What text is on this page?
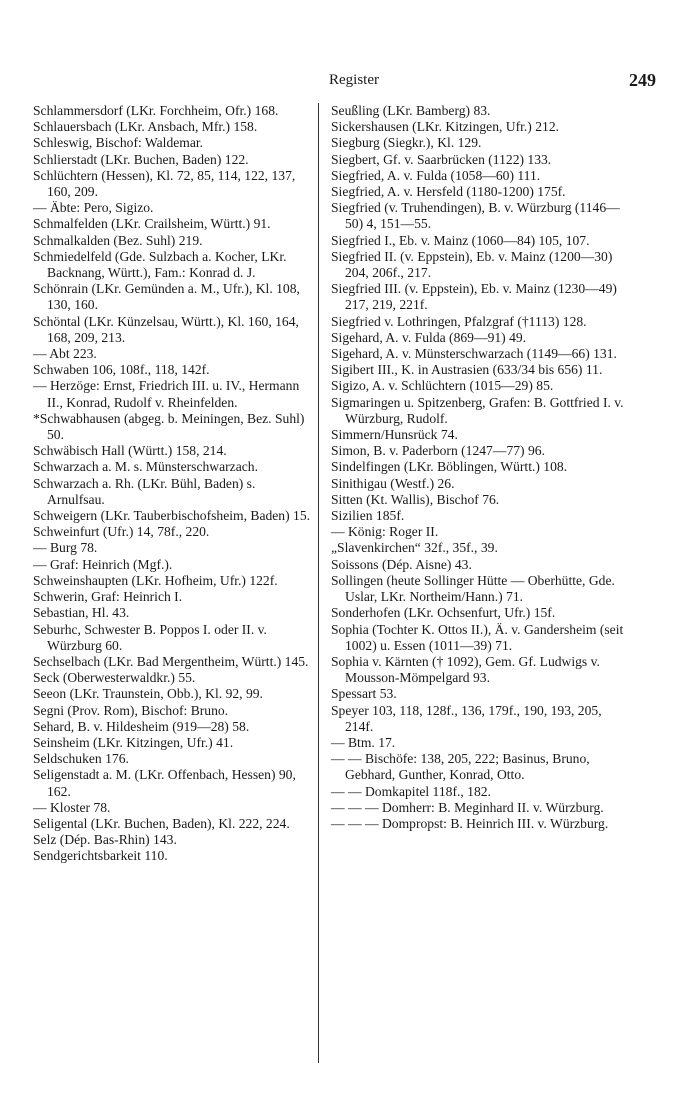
Register	249

Schlammersdorf (LKr. Forchheim, Ofr.) 168.

Schlauersbach (LKr. Ansbach, Mfr.) 158.

Schleswig, Bischof: Waldemar.

Schlierstadt (LKr. Buchen, Baden) 122.

Schlüchtern (Hessen), Kl. 72, 85, 114, 122, 137, 160, 209.

— Äbte: Pero, Sigizo.

Schmalfelden (LKr. Crailsheim, Württ.) 91.

Schmalkalden (Bez. Suhl) 219.

Schmiedelfeld (Gde. Sulzbach a. Kocher, LKr. Backnang, Württ.), Fam.: Konrad d. J.

Schönrain (LKr. Gemünden a. M., Ufr.), Kl. 108, 130, 160.

Schöntal (LKr. Künzelsau, Württ.), Kl. 160, 164, 168, 209, 213.

— Abt 223.

Schwaben 106, 108f., 118, 142f.

— Herzöge: Ernst, Friedrich III. u. IV., Hermann II., Konrad, Rudolf v. Rheinfelden.

*Schwabhausen (abgeg. b. Meiningen, Bez. Suhl) 50.

Schwäbisch Hall (Württ.) 158, 214.

Schwarzach a. M. s. Münsterschwarzach.

Schwarzach a. Rh. (LKr. Bühl, Baden) s. Arnulfsau.

Schweigern (LKr. Tauberbischofsheim, Baden) 15.

Schweinfurt (Ufr.) 14, 78f., 220.

— Burg 78.

— Graf: Heinrich (Mgf.).

Schweinshaupten (LKr. Hofheim, Ufr.) 122f.

Schwerin, Graf: Heinrich I.

Sebastian, Hl. 43.

Seburhc, Schwester B. Poppos I. oder II. v. Würzburg 60.

Sechselbach (LKr. Bad Mergentheim, Württ.) 145.

Seck (Oberwesterwaldkr.) 55.

Seeon (LKr. Traunstein, Obb.), Kl. 92, 99.

Segni (Prov. Rom), Bischof: Bruno.

Sehard, B. v. Hildesheim (919—28) 58.

Seinsheim (LKr. Kitzingen, Ufr.) 41.

Seldschuken 176.

Seligenstadt a. M. (LKr. Offenbach, Hessen) 90, 162.

— Kloster 78.

Seligental (LKr. Buchen, Baden), Kl. 222, 224.

Selz (Dép. Bas-Rhin) 143.

Sendgerichtsbarkeit 110.

Seußling (LKr. Bamberg) 83.

Sickershausen (LKr. Kitzingen, Ufr.) 212.

Siegburg (Siegkr.), Kl. 129.

Siegbert, Gf. v. Saarbrücken (1122) 133.

Siegfried, A. v. Fulda (1058—60) 111.

Siegfried, A. v. Hersfeld (1180-1200) 175f.

Siegfried (v. Truhendingen), B. v. Würzburg (1146—50) 4, 151—55.

Siegfried I., Eb. v. Mainz (1060—84) 105, 107.

Siegfried II. (v. Eppstein), Eb. v. Mainz (1200—30) 204, 206f., 217.

Siegfried III. (v. Eppstein), Eb. v. Mainz (1230—49) 217, 219, 221f.

Siegfried v. Lothringen, Pfalzgraf (†1113) 128.

Sigehard, A. v. Fulda (869—91) 49.

Sigehard, A. v. Münsterschwarzach (1149—66) 131.

Sigibert III., K. in Austrasien (633/34 bis 656) 11.

Sigizo, A. v. Schlüchtern (1015—29) 85.

Sigmaringen u. Spitzenberg, Grafen: B. Gottfried I. v. Würzburg, Rudolf.

Simmern/Hunsrück 74.

Simon, B. v. Paderborn (1247—77) 96.

Sindelfingen (LKr. Böblingen, Württ.) 108.

Sinithigau (Westf.) 26.

Sitten (Kt. Wallis), Bischof 76.

Sizilien 185f.

— König: Roger II.

„Slavenkirchen“ 32f., 35f., 39.

Soissons (Dép. Aisne) 43.

Sollingen (heute Sollinger Hütte — Oberhütte, Gde. Uslar, LKr. Northeim/Hann.) 71.

Sonderhofen (LKr. Ochsenfurt, Ufr.) 15f.

Sophia (Tochter K. Ottos II.), Ä. v. Gandersheim (seit 1002) u. Essen (1011—39) 71.

Sophia v. Kärnten († 1092), Gem. Gf. Ludwigs v. Mousson-Mömpelgard 93.

Spessart 53.

Speyer 103, 118, 128f., 136, 179f., 190, 193, 205, 214f.

— Btm. 17.

— — Bischöfe: 138, 205, 222; Basinus, Bruno, Gebhard, Gunther, Konrad, Otto.

— — Domkapitel 118f., 182.

— — — Domherr: B. Meginhard II. v. Würzburg.

— — — Dompropst: B. Heinrich III. v. Würzburg.
